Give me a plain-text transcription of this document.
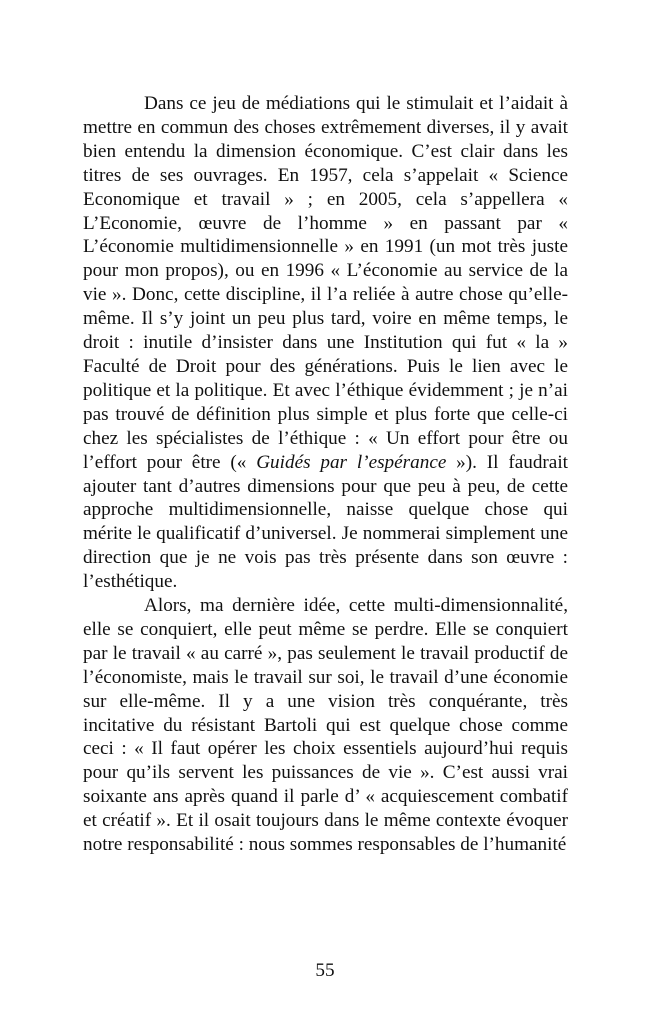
Dans ce jeu de médiations qui le stimulait et l’aidait à mettre en commun des choses extrêmement diverses, il y avait bien entendu la dimension économique. C’est clair dans les titres de ses ouvrages. En 1957, cela s’appelait « Science Economique et travail » ; en 2005, cela s’appellera « L’Economie, œuvre de l’homme » en passant par « L’économie multidimensionnelle » en 1991 (un mot très juste pour mon propos), ou en 1996 « L’économie au service de la vie ». Donc, cette discipline, il l’a reliée à autre chose qu’elle-même. Il s’y joint un peu plus tard, voire en même temps, le droit : inutile d’insister dans une Institution qui fut « la » Faculté de Droit pour des générations. Puis le lien avec le politique et la politique. Et avec l’éthique évidemment ; je n’ai pas trouvé de définition plus simple et plus forte que celle-ci chez les spécialistes de l’éthique : « Un effort pour être ou l’effort pour être (« Guidés par l’espérance »). Il faudrait ajouter tant d’autres dimensions pour que peu à peu, de cette approche multidimensionnelle, naisse quelque chose qui mérite le qualificatif d’universel. Je nommerai simplement une direction que je ne vois pas très présente dans son œuvre : l’esthétique.

Alors, ma dernière idée, cette multi-dimensionnalité, elle se conquiert, elle peut même se perdre. Elle se conquiert par le travail « au carré », pas seulement le travail productif de l’économiste, mais le travail sur soi, le travail d’une économie sur elle-même. Il y a une vision très conquérante, très incitative du résistant Bartoli qui est quelque chose comme ceci : « Il faut opérer les choix essentiels aujourd’hui requis pour qu’ils servent les puissances de vie ». C’est aussi vrai soixante ans après quand il parle d’ « acquiescement combatif et créatif ». Et il osait toujours dans le même contexte évoquer notre responsabilité : nous sommes responsables de l’humanité

55
